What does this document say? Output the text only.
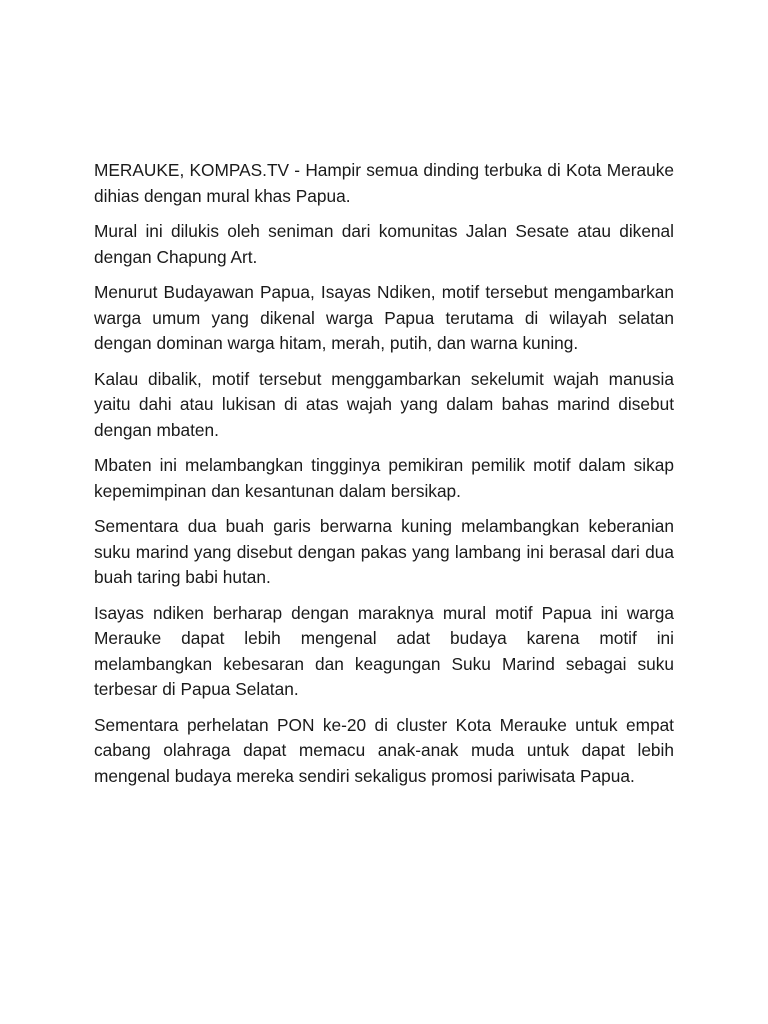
MERAUKE, KOMPAS.TV - Hampir semua dinding terbuka di Kota Merauke dihias dengan mural khas Papua.

Mural ini dilukis oleh seniman dari komunitas Jalan Sesate atau dikenal dengan Chapung Art.

Menurut Budayawan Papua, Isayas Ndiken, motif tersebut mengambarkan warga umum yang dikenal warga Papua terutama di wilayah selatan dengan dominan warga hitam, merah, putih, dan warna kuning.

Kalau dibalik, motif tersebut menggambarkan sekelumit wajah manusia yaitu dahi atau lukisan di atas wajah yang dalam bahas marind disebut dengan mbaten.

Mbaten ini melambangkan tingginya pemikiran pemilik motif dalam sikap kepemimpinan dan kesantunan dalam bersikap.

Sementara dua buah garis berwarna kuning melambangkan keberanian suku marind yang disebut dengan pakas yang lambang ini berasal dari dua buah taring babi hutan.

Isayas ndiken berharap dengan maraknya mural motif Papua ini warga Merauke dapat lebih mengenal adat budaya karena motif ini melambangkan kebesaran dan keagungan Suku Marind sebagai suku terbesar di Papua Selatan.

Sementara perhelatan PON ke-20 di cluster Kota Merauke untuk empat cabang olahraga dapat memacu anak-anak muda untuk dapat lebih mengenal budaya mereka sendiri sekaligus promosi pariwisata Papua.
